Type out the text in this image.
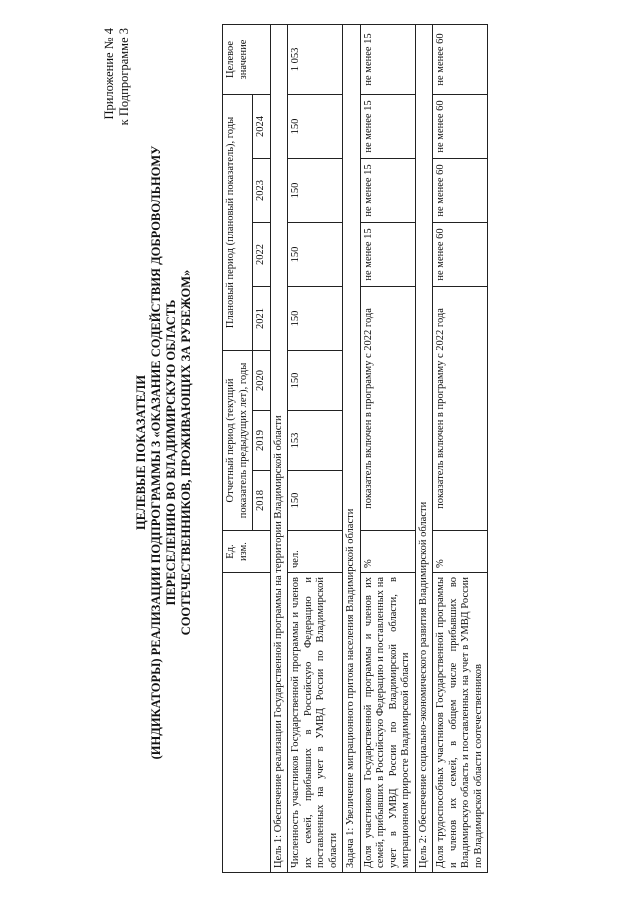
Приложение № 4 к Подпрограмме 3
ЦЕЛЕВЫЕ ПОКАЗАТЕЛИ (ИНДИКАТОРЫ) РЕАЛИЗАЦИИ ПОДПРОГРАММЫ 3 «ОКАЗАНИЕ СОДЕЙСТВИЯ ДОБРОВОЛЬНОМУ ПЕРЕСЕЛЕНИЮ ВО ВЛАДИМИРСКУЮ ОБЛАСТЬ СООТЕЧЕСТВЕННИКОВ, ПРОЖИВАЮЩИХ ЗА РУБЕЖОМ»
		Ед. изм.	Отчетный период (текущий показатель предыдущих лет), годы			Плановый период (плановый показатель), годы				Целевое значение
		2018	2019	2020	2021	2022	2023	2024	
Цель 1: Обеспечение реализации Государственной программы на территории Владимирской области									
Численность участников Государственной программы и членов их семей, прибывших в Российскую Федерацию и поставленных на учет в УМВД России по Владимирской области	чел.	150	153	150	150	150	150	150	1 053
Задача 1: Увеличение миграционного притока населения Владимирской области									
Доля участников Государственной программы и членов их семей, прибывших в Российскую Федерацию и поставленных на учет в УМВД России по Владимирской области, в миграционном приросте Владимирской области	%	показатель включен в программу с 2022 года				не менее 15	не менее 15	не менее 15	не менее 15
Цель 2: Обеспечение социально-экономического развития Владимирской области									
Доля трудоспособных участников Государственной программы и членов их семей, в общем числе прибывших во Владимирскую область и поставленных на учет в УМВД России по Владимирской области соотечественников	%	показатель включен в программу с 2022 года				не менее 60	не менее 60	не менее 60	не менее 60
